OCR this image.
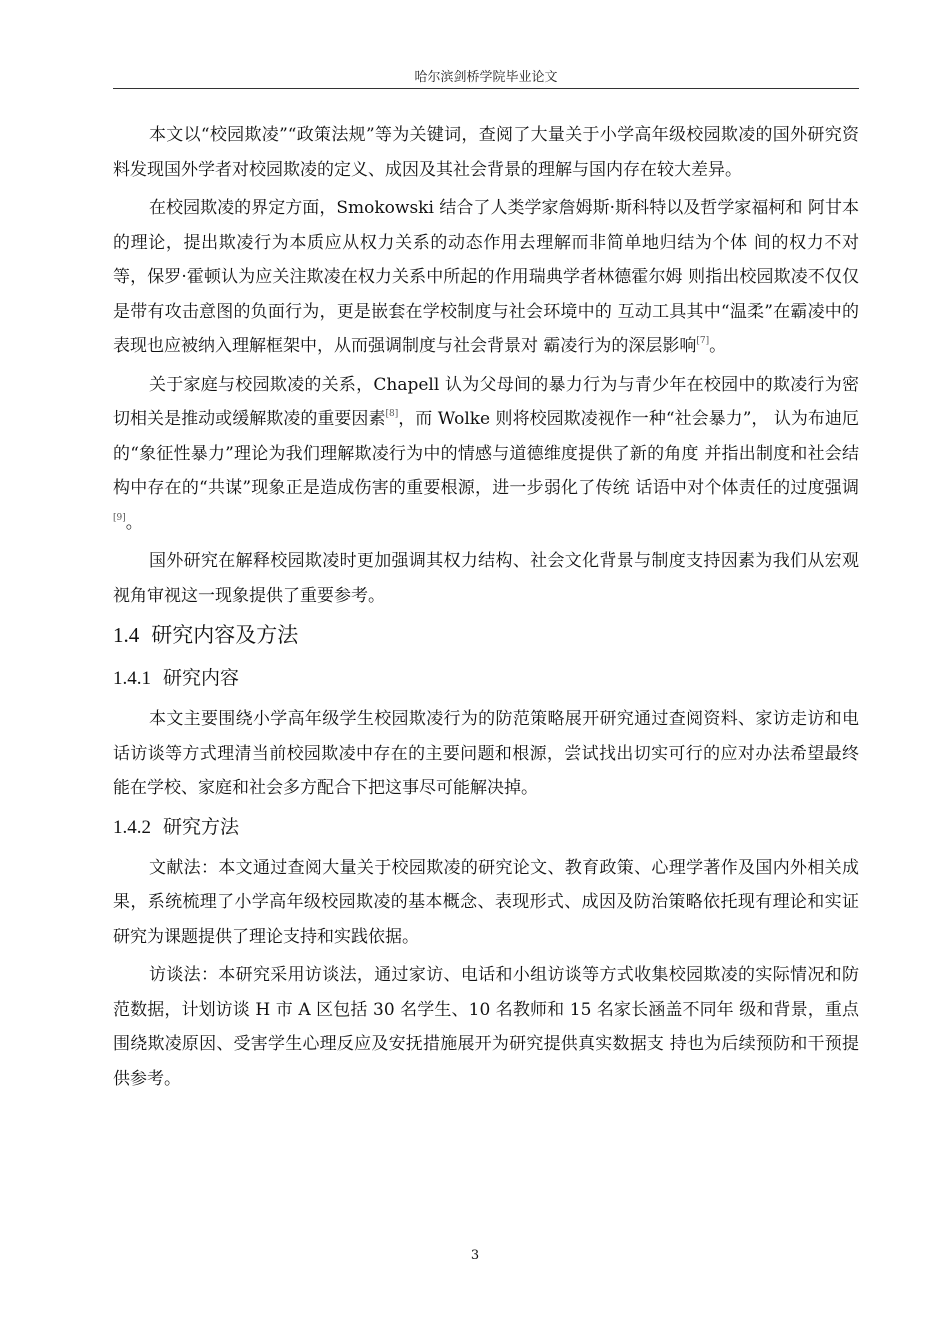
哈尔滨剑桥学院毕业论文

本文以“校园欺凌”“政策法规”等为关键词，查阅了大量关于小学高年级校园欺凌的国外研究资料发现国外学者对校园欺凌的定义、成因及其社会背景的理解与国内存在较大差异。

在校园欺凌的界定方面，Smokowski 结合了人类学家詹姆斯·斯科特以及哲学家福柯和 阿甘本的理论，提出欺凌行为本质应从权力关系的动态作用去理解而非简单地归结为个体 间的权力不对等，保罗·霍顿认为应关注欺凌在权力关系中所起的作用瑞典学者林德霍尔姆 则指出校园欺凌不仅仅是带有攻击意图的负面行为，更是嵌套在学校制度与社会环境中的 互动工具其中“温柔”在霸凌中的表现也应被纳入理解框架中，从而强调制度与社会背景对 霸凌行为的深层影响[7]。

关于家庭与校园欺凌的关系，Chapell 认为父母间的暴力行为与青少年在校园中的欺凌行为密切相关是推动或缓解欺凌的重要因素[8]，而 Wolke 则将校园欺凌视作一种“社会暴力”， 认为布迪厄的“象征性暴力”理论为我们理解欺凌行为中的情感与道德维度提供了新的角度 并指出制度和社会结构中存在的“共谋”现象正是造成伤害的重要根源，进一步弱化了传统 话语中对个体责任的过度强调[9]。

国外研究在解释校园欺凌时更加强调其权力结构、社会文化背景与制度支持因素为我们从宏观视角审视这一现象提供了重要参考。

1.4 研究内容及方法
1.4.1 研究内容

本文主要围绕小学高年级学生校园欺凌行为的防范策略展开研究通过查阅资料、家访走访和电话访谈等方式理清当前校园欺凌中存在的主要问题和根源，尝试找出切实可行的应对办法希望最终能在学校、家庭和社会多方配合下把这事尽可能解决掉。

1.4.2 研究方法

文献法：本文通过查阅大量关于校园欺凌的研究论文、教育政策、心理学著作及国内外相关成果，系统梳理了小学高年级校园欺凌的基本概念、表现形式、成因及防治策略依托现有理论和实证研究为课题提供了理论支持和实践依据。

访谈法：本研究采用访谈法，通过家访、电话和小组访谈等方式收集校园欺凌的实际情况和防范数据，计划访谈 H 市 A 区包括 30 名学生、10 名教师和 15 名家长涵盖不同年 级和背景，重点围绕欺凌原因、受害学生心理反应及安抚措施展开为研究提供真实数据支 持也为后续预防和干预提供参考。

3
